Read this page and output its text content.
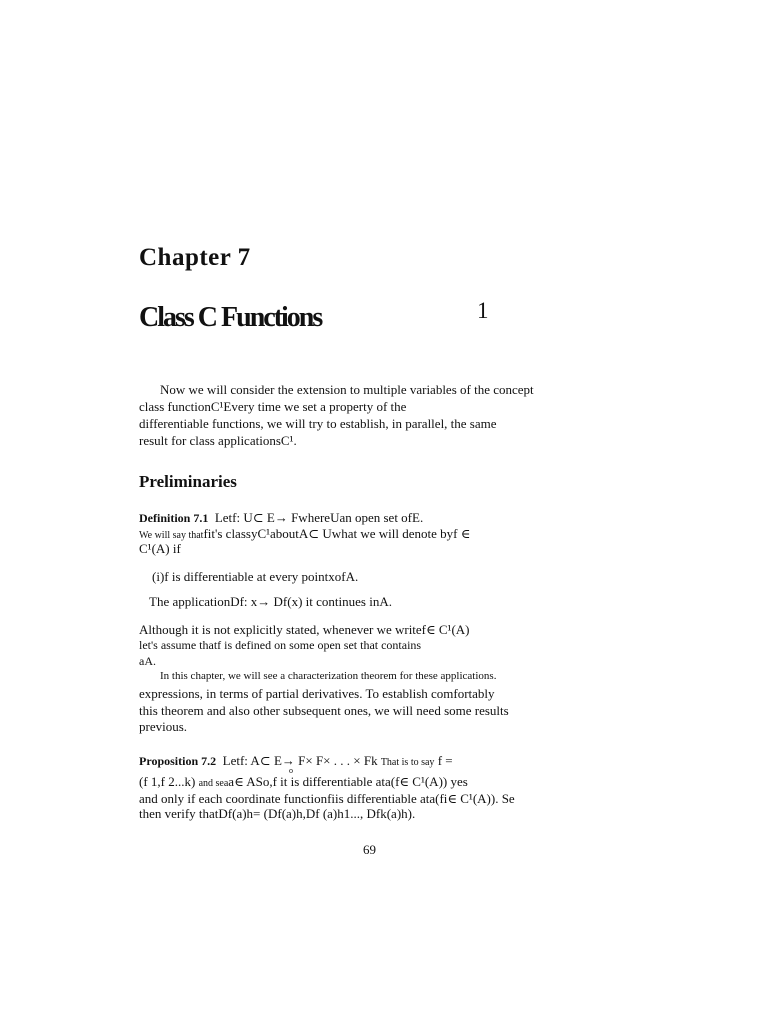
Chapter 7
Class C Functions	1
Now we will consider the extension to multiple variables of the concept
class functionC¹Every time we set a property of the
differentiable functions, we will try to establish, in parallel, the same
result for class applicationsC¹.
Preliminaries
Definition 7.1 Letf: U⊂ E→ FwhereUan open set ofE.
We will say thatfit's classyC¹aboutA⊂ Uwhat we will denote byf ∈
C¹(A) if
(i)f is differentiable at every pointxofA.
The applicationDf: x→ Df(x) it continues inA.
Although it is not explicitly stated, whenever we writef∈ C¹(A)
let's assume thatf is defined on some open set that contains
aA.
In this chapter, we will see a characterization theorem for these applications.
expressions, in terms of partial derivatives. To establish comfortably
this theorem and also other subsequent ones, we will need some results
previous.
Proposition 7.2 Letf: A⊂ E→ F× F× . . . × Fk That is to say f =
o
(f 1,f 2...k) and seaa∈ ASo,f it is differentiable ata(f∈ C¹(A)) yes
and only if each coordinate functionfiis differentiable ata(fi∈ C¹(A)). Se
then verify thatDf(a)h= (Df(a)h,Df (a)h1..., Dfk(a)h).
69
